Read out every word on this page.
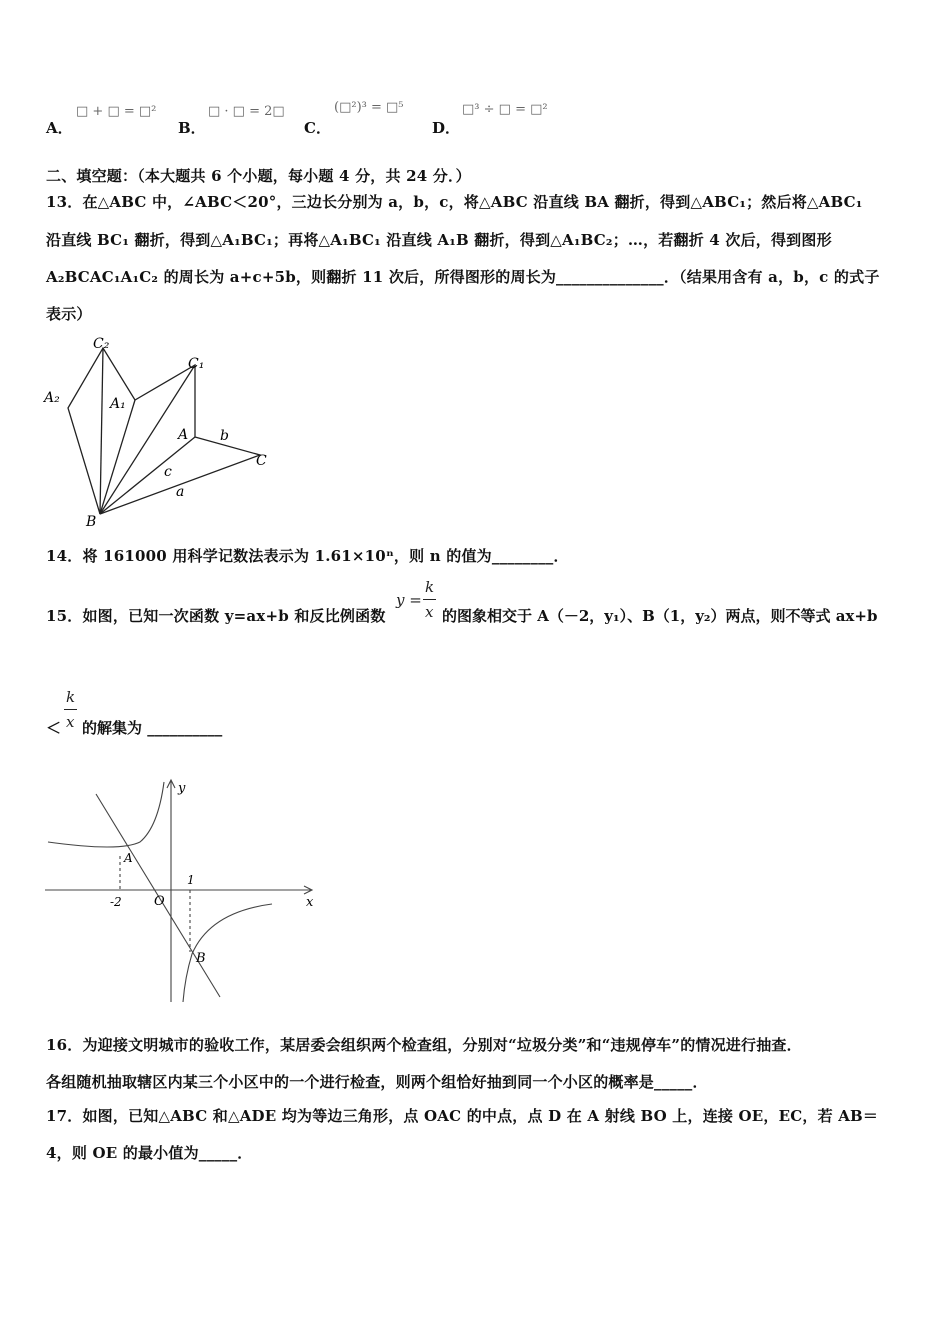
A．
□ + □ = □²
B．
□ · □ = 2□
C．
(□²)³ = □⁵
D．
□³ ÷ □ = □²
二、填空题：（本大题共 6 个小题，每小题 4 分，共 24 分．）
13．在△ABC 中，∠ABC＜20°，三边长分别为 a，b，c，将△ABC 沿直线 BA 翻折，得到△ABC₁；然后将△ABC₁
沿直线 BC₁ 翻折，得到△A₁BC₁；再将△A₁BC₁ 沿直线 A₁B 翻折，得到△A₁BC₂；…，若翻折 4 次后，得到图形
A₂BCAC₁A₁C₂ 的周长为 a+c+5b，则翻折 11 次后，所得图形的周长为______________．（结果用含有 a，b，c 的式子
表示）
C₂
C₁
A₂	A₁
A b
C
c
a
B
14．将 161000 用科学记数法表示为 1.61×10ⁿ，则 n 的值为________．
15．如图，已知一次函数 y=ax+b 和反比例函数
y =
k
x 的图象相交于 A（－2，y₁）、B（1，y₂）两点，则不等式 ax+b
＜
k
x 的解集为 __________
y
x
A
B
O
1
-2
16．为迎接文明城市的验收工作，某居委会组织两个检查组，分别对“垃圾分类”和“违规停车”的情况进行抽查．
各组随机抽取辖区内某三个小区中的一个进行检查，则两个组恰好抽到同一个小区的概率是_____．
17．如图，已知△ABC 和△ADE 均为等边三角形，点 OAC 的中点，点 D 在 A 射线 BO 上，连接 OE，EC，若 AB＝
4，则 OE 的最小值为_____．
